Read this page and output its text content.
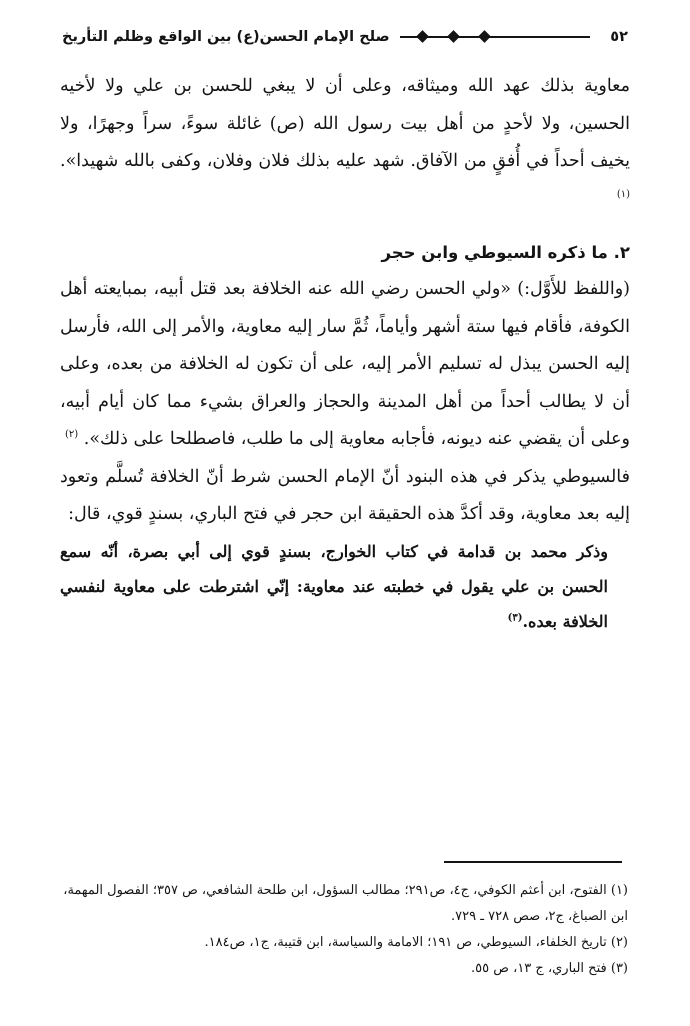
٥٢
صلح الإمام الحسن(ع) بين الواقع وظلم التأريخ

معاوية بذلك عهد الله وميثاقه، وعلى أن لا يبغي للحسن بن علي ولا لأخيه الحسين، ولا لأحدٍ من أهل بيت رسول الله (ص) غائلة سوءً، سراً وجهرًا، ولا يخيف أحداً في أُفقٍ من الآفاق. شهد عليه بذلك فلان وفلان، وكفى بالله شهيدا». $^{(١)}$

٢. ما ذكره السيوطي وابن حجر

(واللفظ للأَوَّل:) «ولي الحسن رضي الله عنه الخلافة بعد قتل أبيه، بمبايعته أهل الكوفة، فأقام فيها ستة أشهر وأياماً، ثُمَّ سار إليه معاوية، والأمر إلى الله، فأرسل إليه الحسن يبذل له تسليم الأمر إليه، على أن تكون له الخلافة من بعده، وعلى أن لا يطالب أحداً من أهل المدينة والحجاز والعراق بشيء مما كان أيام أبيه، وعلى أن يقضي عنه ديونه، فأجابه معاوية إلى ما طلب، فاصطلحا على ذلك». $^{(٢)}$

فالسيوطي يذكر في هذه البنود أنّ الإمام الحسن شرط أنّ الخلافة تُسلَّم وتعود إليه بعد معاوية، وقد أكدَّ هذه الحقيقة ابن حجر في فتح الباري، بسندٍ قوي، قال:

وذكر محمد بن قدامة في كتاب الخوارج، بسندٍ قوي إلى أبي بصرة، أنّه سمع الحسن بن علي يقول في خطبته عند معاوية: إنّي اشترطت على معاوية لنفسي الخلافة بعده.$^{(٣)}$

(١) الفتوح، ابن أعثم الكوفي، ج٤، ص٢٩١؛ مطالب السؤول، ابن طلحة الشافعي، ص ٣٥٧؛ الفصول المهمة، ابن الصباغ، ج٢، صص ٧٢٨ ـ ٧٢٩.

(٢) تاريخ الخلفاء، السيوطي، ص ١٩١؛ الامامة والسياسة، ابن قتيبة، ج١، ص١٨٤.

(٣) فتح الباري، ج ١٣، ص ٥٥.
